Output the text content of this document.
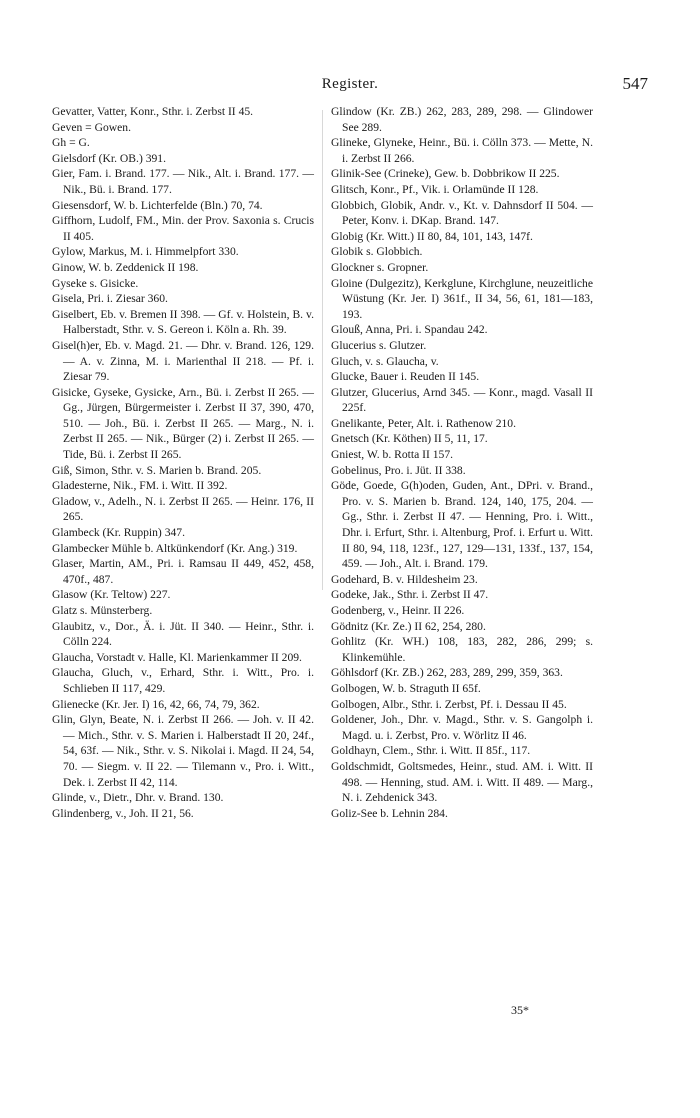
Register.	547

Gevatter, Vatter, Konr., Sthr. i. Zerbst II 45.

Geven = Gowen.

Gh = G.

Gielsdorf (Kr. OB.) 391.

Gier, Fam. i. Brand. 177. — Nik., Alt. i. Brand. 177. — Nik., Bü. i. Brand. 177.

Giesensdorf, W. b. Lichterfelde (Bln.) 70, 74.

Giffhorn, Ludolf, FM., Min. der Prov. Saxonia s. Crucis II 405.

Gylow, Markus, M. i. Himmelpfort 330.

Ginow, W. b. Zeddenick II 198.

Gyseke s. Gisicke.

Gisela, Pri. i. Ziesar 360.

Giselbert, Eb. v. Bremen II 398. — Gf. v. Holstein, B. v. Halberstadt, Sthr. v. S. Gereon i. Köln a. Rh. 39.

Gisel(h)er, Eb. v. Magd. 21. — Dhr. v. Brand. 126, 129. — A. v. Zinna, M. i. Marienthal II 218. — Pf. i. Ziesar 79.

Gisicke, Gyseke, Gysicke, Arn., Bü. i. Zerbst II 265. — Gg., Jürgen, Bürgermeister i. Zerbst II 37, 390, 470, 510. — Joh., Bü. i. Zerbst II 265. — Marg., N. i. Zerbst II 265. — Nik., Bürger (2) i. Zerbst II 265. — Tide, Bü. i. Zerbst II 265.

Giß, Simon, Sthr. v. S. Marien b. Brand. 205.

Gladesterne, Nik., FM. i. Witt. II 392.

Gladow, v., Adelh., N. i. Zerbst II 265. — Heinr. 176, II 265.

Glambeck (Kr. Ruppin) 347.

Glambecker Mühle b. Altkünkendorf (Kr. Ang.) 319.

Glaser, Martin, AM., Pri. i. Ramsau II 449, 452, 458, 470f., 487.

Glasow (Kr. Teltow) 227.

Glatz s. Münsterberg.

Glaubitz, v., Dor., Ä. i. Jüt. II 340. — Heinr., Sthr. i. Cölln 224.

Glaucha, Vorstadt v. Halle, Kl. Marienkammer II 209.

Glaucha, Gluch, v., Erhard, Sthr. i. Witt., Pro. i. Schlieben II 117, 429.

Glienecke (Kr. Jer. I) 16, 42, 66, 74, 79, 362.

Glin, Glyn, Beate, N. i. Zerbst II 266. — Joh. v. II 42. — Mich., Sthr. v. S. Marien i. Halberstadt II 20, 24f., 54, 63f. — Nik., Sthr. v. S. Nikolai i. Magd. II 24, 54, 70. — Siegm. v. II 22. — Tilemann v., Pro. i. Witt., Dek. i. Zerbst II 42, 114.

Glinde, v., Dietr., Dhr. v. Brand. 130.

Glindenberg, v., Joh. II 21, 56.

Glindow (Kr. ZB.) 262, 283, 289, 298. — Glindower See 289.

Glineke, Glyneke, Heinr., Bü. i. Cölln 373. — Mette, N. i. Zerbst II 266.

Glinik-See (Crineke), Gew. b. Dobbrikow II 225.

Glitsch, Konr., Pf., Vik. i. Orlamünde II 128.

Globbich, Globik, Andr. v., Kt. v. Dahnsdorf II 504. — Peter, Konv. i. DKap. Brand. 147.

Globig (Kr. Witt.) II 80, 84, 101, 143, 147f.

Globik s. Globbich.

Glockner s. Gropner.

Gloine (Dulgezitz), Kerkglune, Kirchglune, neuzeitliche Wüstung (Kr. Jer. I) 361f., II 34, 56, 61, 181—183, 193.

Glouß, Anna, Pri. i. Spandau 242.

Glucerius s. Glutzer.

Gluch, v. s. Glaucha, v.

Glucke, Bauer i. Reuden II 145.

Glutzer, Glucerius, Arnd 345. — Konr., magd. Vasall II 225f.

Gnelikante, Peter, Alt. i. Rathenow 210.

Gnetsch (Kr. Köthen) II 5, 11, 17.

Gniest, W. b. Rotta II 157.

Gobelinus, Pro. i. Jüt. II 338.

Göde, Goede, G(h)oden, Guden, Ant., DPri. v. Brand., Pro. v. S. Marien b. Brand. 124, 140, 175, 204. — Gg., Sthr. i. Zerbst II 47. — Henning, Pro. i. Witt., Dhr. i. Erfurt, Sthr. i. Altenburg, Prof. i. Erfurt u. Witt. II 80, 94, 118, 123f., 127, 129—131, 133f., 137, 154, 459. — Joh., Alt. i. Brand. 179.

Godehard, B. v. Hildesheim 23.

Godeke, Jak., Sthr. i. Zerbst II 47.

Godenberg, v., Heinr. II 226.

Gödnitz (Kr. Ze.) II 62, 254, 280.

Gohlitz (Kr. WH.) 108, 183, 282, 286, 299; s. Klinkemühle.

Göhlsdorf (Kr. ZB.) 262, 283, 289, 299, 359, 363.

Golbogen, W. b. Straguth II 65f.

Golbogen, Albr., Sthr. i. Zerbst, Pf. i. Dessau II 45.

Goldener, Joh., Dhr. v. Magd., Sthr. v. S. Gangolph i. Magd. u. i. Zerbst, Pro. v. Wörlitz II 46.

Goldhayn, Clem., Sthr. i. Witt. II 85f., 117.

Goldschmidt, Goltsmedes, Heinr., stud. AM. i. Witt. II 498. — Henning, stud. AM. i. Witt. II 489. — Marg., N. i. Zehdenick 343.

Goliz-See b. Lehnin 284.

35*
